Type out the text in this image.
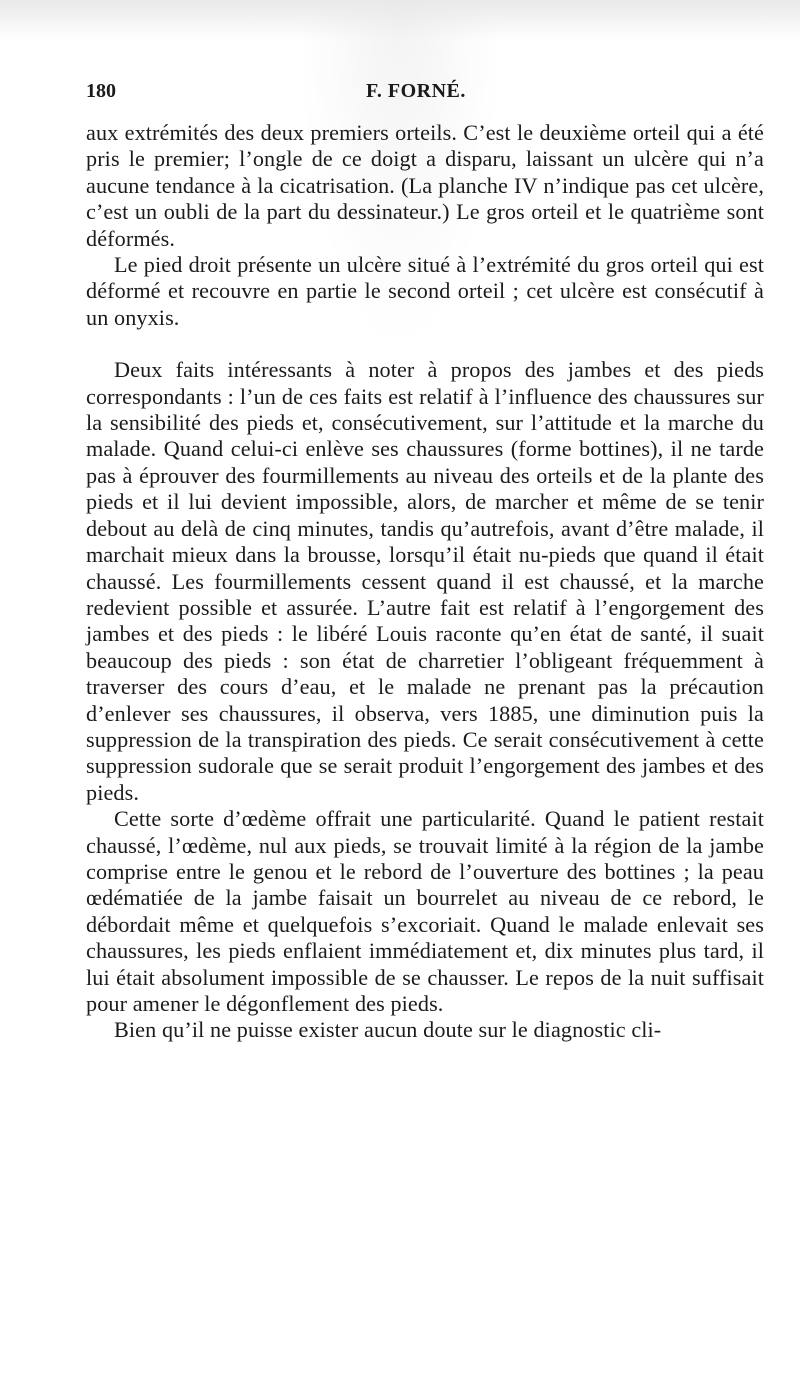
180	F. FORNÉ.

aux extrémités des deux premiers orteils. C’est le deuxième orteil qui a été pris le premier; l’ongle de ce doigt a disparu, laissant un ulcère qui n’a aucune tendance à la cicatrisation. (La planche IV n’indique pas cet ulcère, c’est un oubli de la part du dessinateur.) Le gros orteil et le quatrième sont déformés.

Le pied droit présente un ulcère situé à l’extrémité du gros orteil qui est déformé et recouvre en partie le second orteil ; cet ulcère est consécutif à un onyxis.

Deux faits intéressants à noter à propos des jambes et des pieds correspondants : l’un de ces faits est relatif à l’influence des chaussures sur la sensibilité des pieds et, consécutivement, sur l’attitude et la marche du malade. Quand celui-ci enlève ses chaussures (forme bottines), il ne tarde pas à éprouver des fourmillements au niveau des orteils et de la plante des pieds et il lui devient impossible, alors, de marcher et même de se tenir debout au delà de cinq minutes, tandis qu’autrefois, avant d’être malade, il marchait mieux dans la brousse, lorsqu’il était nu-pieds que quand il était chaussé. Les fourmillements cessent quand il est chaussé, et la marche redevient possible et assurée. L’autre fait est relatif à l’engorgement des jambes et des pieds : le libéré Louis raconte qu’en état de santé, il suait beaucoup des pieds : son état de charretier l’obligeant fréquemment à traverser des cours d’eau, et le malade ne prenant pas la précaution d’enlever ses chaussures, il observa, vers 1885, une diminution puis la suppression de la transpiration des pieds. Ce serait consécutivement à cette suppression sudorale que se serait produit l’engorgement des jambes et des pieds.

Cette sorte d’œdème offrait une particularité. Quand le patient restait chaussé, l’œdème, nul aux pieds, se trouvait limité à la région de la jambe comprise entre le genou et le rebord de l’ouverture des bottines ; la peau œdématiée de la jambe faisait un bourrelet au niveau de ce rebord, le débordait même et quelquefois s’excoriait. Quand le malade enlevait ses chaussures, les pieds enflaient immédiatement et, dix minutes plus tard, il lui était absolument impossible de se chausser. Le repos de la nuit suffisait pour amener le dégonflement des pieds.

Bien qu’il ne puisse exister aucun doute sur le diagnostic cli-
